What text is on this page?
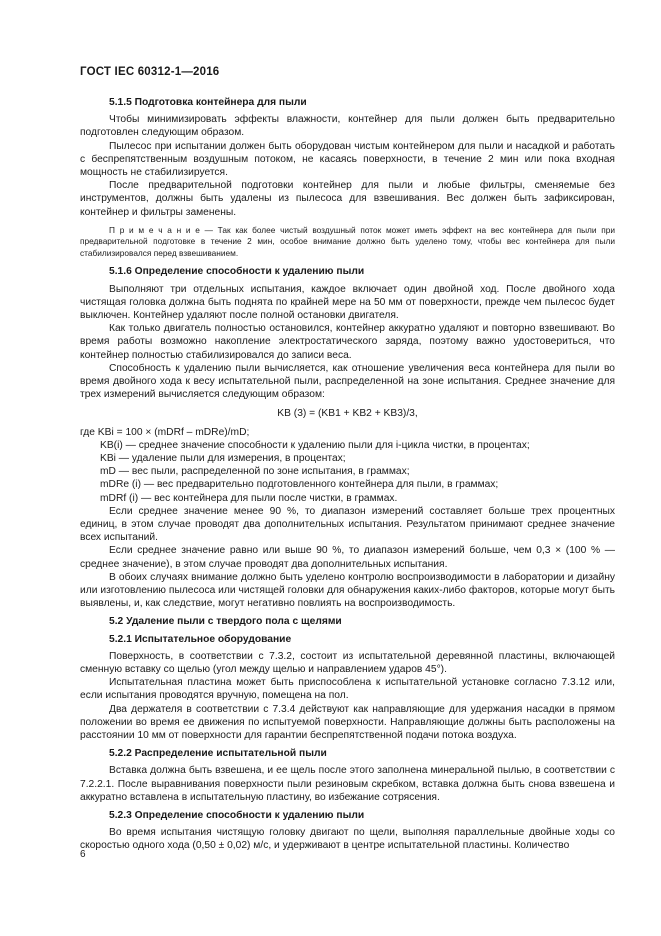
ГОСТ IEC 60312-1—2016
5.1.5 Подготовка контейнера для пыли

Чтобы минимизировать эффекты влажности, контейнер для пыли должен быть предварительно подготовлен следующим образом.

Пылесос при испытании должен быть оборудован чистым контейнером для пыли и насадкой и работать с беспрепятственным воздушным потоком, не касаясь поверхности, в течение 2 мин или пока входная мощность не стабилизируется.

После предварительной подготовки контейнер для пыли и любые фильтры, сменяемые без инструментов, должны быть удалены из пылесоса для взвешивания. Вес должен быть зафиксирован, контейнер и фильтры заменены.

П р и м е ч а н и е — Так как более чистый воздушный поток может иметь эффект на вес контейнера для пыли при предварительной подготовке в течение 2 мин, особое внимание должно быть уделено тому, чтобы вес контейнера для пыли стабилизировался перед взвешиванием.
5.1.6 Определение способности к удалению пыли

Выполняют три отдельных испытания, каждое включает один двойной ход. После двойного хода чистящая головка должна быть поднята по крайней мере на 50 мм от поверхности, прежде чем пылесос будет выключен. Контейнер удаляют после полной остановки двигателя.

Как только двигатель полностью остановился, контейнер аккуратно удаляют и повторно взвешивают. Во время работы возможно накопление электростатического заряда, поэтому важно удостовериться, что контейнер полностью стабилизировался до записи веса.

Способность к удалению пыли вычисляется, как отношение увеличения веса контейнера для пыли во время двойного хода к весу испытательной пыли, распределенной на зоне испытания. Среднее значение для трех измерений вычисляется следующим образом:

KB (3) = (KB1 + KB2 + KB3)/3,
где KBi = 100 × (mDRf – mDRe)/mD;
KB(i) — среднее значение способности к удалению пыли для i-цикла чистки, в процентах;
KBi — удаление пыли для измерения, в процентах;
mD — вес пыли, распределенной по зоне испытания, в граммах;
mDRe (i) — вес предварительно подготовленного контейнера для пыли, в граммах;
mDRf (i) — вес контейнера для пыли после чистки, в граммах.

Если среднее значение менее 90 %, то диапазон измерений составляет больше трех процентных единиц, в этом случае проводят два дополнительных испытания. Результатом принимают среднее значение всех испытаний.

Если среднее значение равно или выше 90 %, то диапазон измерений больше, чем 0,3 × (100 % — среднее значение), в этом случае проводят два дополнительных испытания.

В обоих случаях внимание должно быть уделено контролю воспроизводимости в лаборатории и дизайну или изготовлению пылесоса или чистящей головки для обнаружения каких-либо факторов, которые могут быть выявлены, и, как следствие, могут негативно повлиять на воспроизводимость.

5.2 Удаление пыли с твердого пола с щелями
5.2.1 Испытательное оборудование

Поверхность, в соответствии с 7.3.2, состоит из испытательной деревянной пластины, включающей сменную вставку со щелью (угол между щелью и направлением ударов 45°).

Испытательная пластина может быть приспособлена к испытательной установке согласно 7.3.12 или, если испытания проводятся вручную, помещена на пол.

Два держателя в соответствии с 7.3.4 действуют как направляющие для удержания насадки в прямом положении во время ее движения по испытуемой поверхности. Направляющие должны быть расположены на расстоянии 10 мм от поверхности для гарантии беспрепятственной подачи потока воздуха.

5.2.2 Распределение испытательной пыли

Вставка должна быть взвешена, и ее щель после этого заполнена минеральной пылью, в соответствии с 7.2.2.1. После выравнивания поверхности пыли резиновым скребком, вставка должна быть снова взвешена и аккуратно вставлена в испытательную пластину, во избежание сотрясения.

5.2.3 Определение способности к удалению пыли

Во время испытания чистящую головку двигают по щели, выполняя параллельные двойные ходы со скоростью одного хода (0,50 ± 0,02) м/с, и удерживают в центре испытательной пластины. Количество

6
